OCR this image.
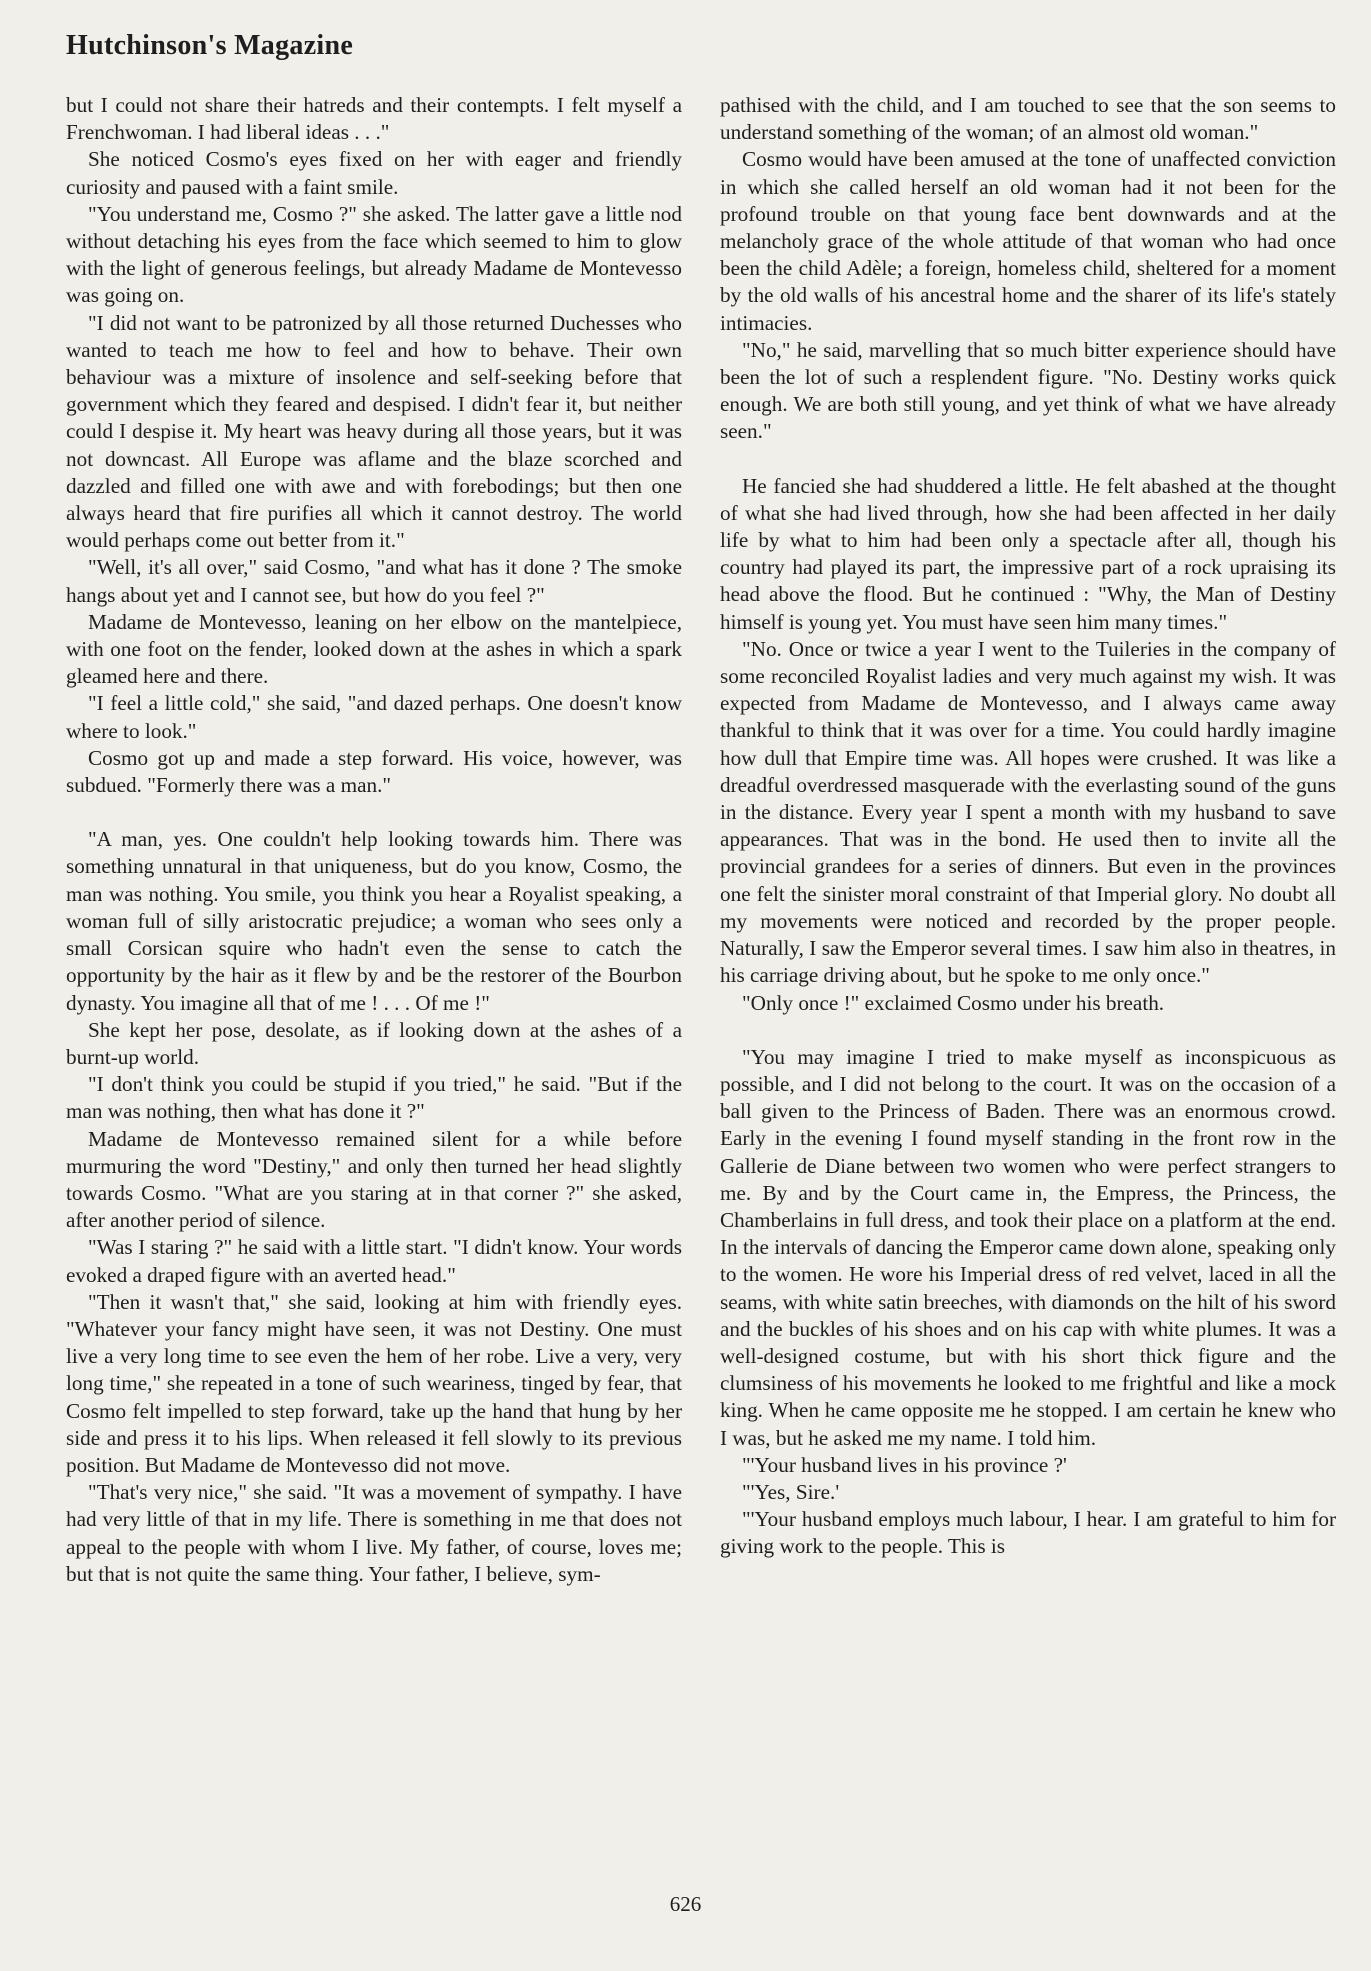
Hutchinson's Magazine

but I could not share their hatreds and their contempts. I felt myself a Frenchwoman. I had liberal ideas . . ."

She noticed Cosmo's eyes fixed on her with eager and friendly curiosity and paused with a faint smile.

"You understand me, Cosmo ?" she asked. The latter gave a little nod without detaching his eyes from the face which seemed to him to glow with the light of generous feelings, but already Madame de Montevesso was going on.

"I did not want to be patronized by all those returned Duchesses who wanted to teach me how to feel and how to behave. Their own behaviour was a mixture of insolence and self-seeking before that government which they feared and despised. I didn't fear it, but neither could I despise it. My heart was heavy during all those years, but it was not downcast. All Europe was aflame and the blaze scorched and dazzled and filled one with awe and with forebodings; but then one always heard that fire purifies all which it cannot destroy. The world would perhaps come out better from it."

"Well, it's all over," said Cosmo, "and what has it done ? The smoke hangs about yet and I cannot see, but how do you feel ?"

Madame de Montevesso, leaning on her elbow on the mantelpiece, with one foot on the fender, looked down at the ashes in which a spark gleamed here and there.

"I feel a little cold," she said, "and dazed perhaps. One doesn't know where to look."

Cosmo got up and made a step forward. His voice, however, was subdued. "Formerly there was a man."

"A man, yes. One couldn't help looking towards him. There was something unnatural in that uniqueness, but do you know, Cosmo, the man was nothing. You smile, you think you hear a Royalist speaking, a woman full of silly aristocratic prejudice; a woman who sees only a small Corsican squire who hadn't even the sense to catch the opportunity by the hair as it flew by and be the restorer of the Bourbon dynasty. You imagine all that of me ! . . . Of me !"

She kept her pose, desolate, as if looking down at the ashes of a burnt-up world.

"I don't think you could be stupid if you tried," he said. "But if the man was nothing, then what has done it ?"

Madame de Montevesso remained silent for a while before murmuring the word "Destiny," and only then turned her head slightly towards Cosmo. "What are you staring at in that corner ?" she asked, after another period of silence.

"Was I staring ?" he said with a little start. "I didn't know. Your words evoked a draped figure with an averted head."

"Then it wasn't that," she said, looking at him with friendly eyes. "Whatever your fancy might have seen, it was not Destiny. One must live a very long time to see even the hem of her robe. Live a very, very long time," she repeated in a tone of such weariness, tinged by fear, that Cosmo felt impelled to step forward, take up the hand that hung by her side and press it to his lips. When released it fell slowly to its previous position. But Madame de Montevesso did not move.

"That's very nice," she said. "It was a movement of sympathy. I have had very little of that in my life. There is something in me that does not appeal to the people with whom I live. My father, of course, loves me; but that is not quite the same thing. Your father, I believe, sym-

pathised with the child, and I am touched to see that the son seems to understand something of the woman; of an almost old woman."

Cosmo would have been amused at the tone of unaffected conviction in which she called herself an old woman had it not been for the profound trouble on that young face bent downwards and at the melancholy grace of the whole attitude of that woman who had once been the child Adèle; a foreign, homeless child, sheltered for a moment by the old walls of his ancestral home and the sharer of its life's stately intimacies.

"No," he said, marvelling that so much bitter experience should have been the lot of such a resplendent figure. "No. Destiny works quick enough. We are both still young, and yet think of what we have already seen."

He fancied she had shuddered a little. He felt abashed at the thought of what she had lived through, how she had been affected in her daily life by what to him had been only a spectacle after all, though his country had played its part, the impressive part of a rock upraising its head above the flood. But he continued : "Why, the Man of Destiny himself is young yet. You must have seen him many times."

"No. Once or twice a year I went to the Tuileries in the company of some reconciled Royalist ladies and very much against my wish. It was expected from Madame de Montevesso, and I always came away thankful to think that it was over for a time. You could hardly imagine how dull that Empire time was. All hopes were crushed. It was like a dreadful overdressed masquerade with the everlasting sound of the guns in the distance. Every year I spent a month with my husband to save appearances. That was in the bond. He used then to invite all the provincial grandees for a series of dinners. But even in the provinces one felt the sinister moral constraint of that Imperial glory. No doubt all my movements were noticed and recorded by the proper people. Naturally, I saw the Emperor several times. I saw him also in theatres, in his carriage driving about, but he spoke to me only once."

"Only once !" exclaimed Cosmo under his breath.

"You may imagine I tried to make myself as inconspicuous as possible, and I did not belong to the court. It was on the occasion of a ball given to the Princess of Baden. There was an enormous crowd. Early in the evening I found myself standing in the front row in the Gallerie de Diane between two women who were perfect strangers to me. By and by the Court came in, the Empress, the Princess, the Chamberlains in full dress, and took their place on a platform at the end. In the intervals of dancing the Emperor came down alone, speaking only to the women. He wore his Imperial dress of red velvet, laced in all the seams, with white satin breeches, with diamonds on the hilt of his sword and the buckles of his shoes and on his cap with white plumes. It was a well-designed costume, but with his short thick figure and the clumsiness of his movements he looked to me frightful and like a mock king. When he came opposite me he stopped. I am certain he knew who I was, but he asked me my name. I told him.

"'Your husband lives in his province ?'

"'Yes, Sire.'

"'Your husband employs much labour, I hear. I am grateful to him for giving work to the people. This is

626
